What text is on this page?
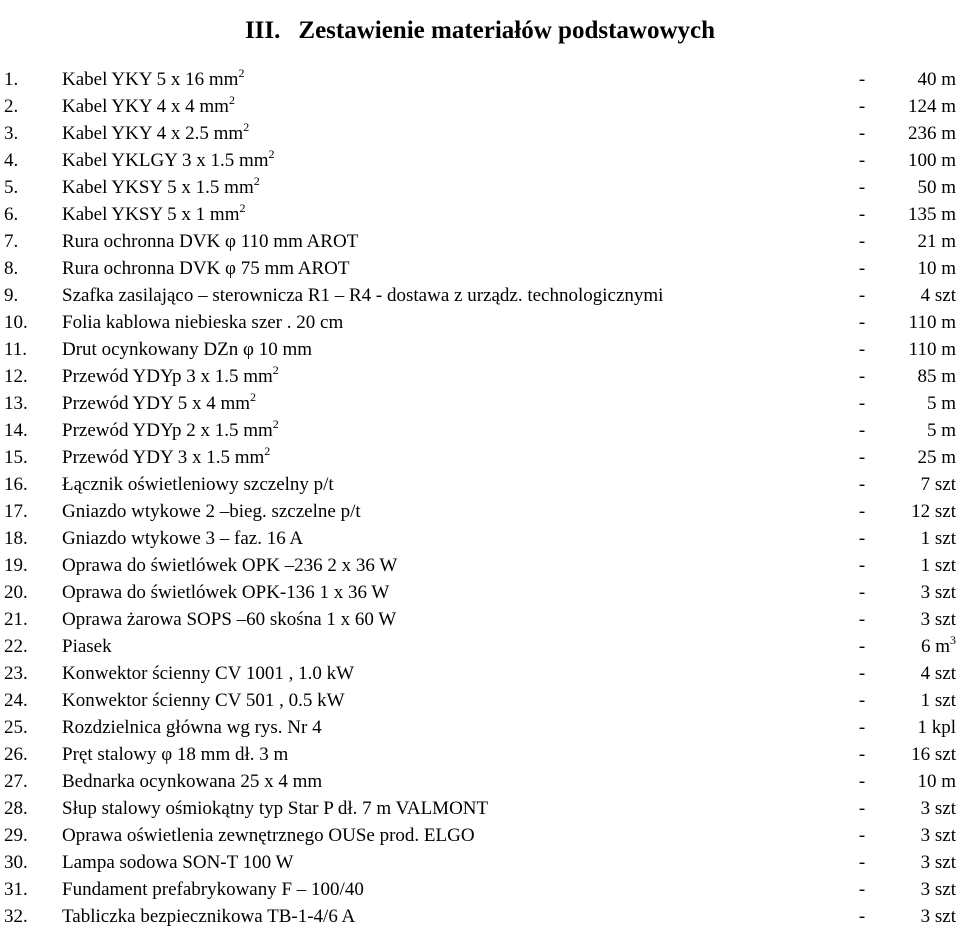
III. Zestawienie materiałów podstawowych
1. Kabel YKY 5 x 16 $mm^2$	-	40 m
2. Kabel YKY 4 x 4 $mm^2$	- 124 m
3. Kabel YKY 4 x 2.5 $mm^2$	- 236 m
4. Kabel YKLGY 3 x 1.5 $mm^2$	- 100 m
5. Kabel YKSY 5 x 1.5 $mm^2$	-	50 m
6. Kabel YKSY 5 x 1 $mm^2$	- 135 m
7. Rura ochronna DVK φ 110 mm AROT	-	21 m
8. Rura ochronna DVK φ 75 mm AROT	-	10 m
9. Szafka zasilająco – sterownicza R1 – R4 - dostawa z urządz. technologicznymi	-	4 szt
10. Folia kablowa niebieska szer . 20 cm	- 110 m
11. Drut ocynkowany DZn φ 10 mm	- 110 m
12. Przewód YDYp 3 x 1.5 $mm^2$	-	85 m
13. Przewód YDY 5 x 4 $mm^2$	-	5 m
14. Przewód YDYp 2 x 1.5 $mm^2$	-	5 m
15. Przewód YDY 3 x 1.5 $mm^2$	-	25 m
16. Łącznik oświetleniowy szczelny p/t	-	7 szt
17. Gniazdo wtykowe 2 –bieg. szczelne p/t	- 12 szt
18. Gniazdo wtykowe 3 – faz. 16 A	-	1 szt
19. Oprawa do świetlówek OPK –236 2 x 36 W	-	1 szt
20. Oprawa do świetlówek OPK-136 1 x 36 W	-	3 szt
21. Oprawa żarowa SOPS –60 skośna 1 x 60 W	-	3 szt
22. Piasek	-	6 $m^3$
23. Konwektor ścienny CV 1001 , 1.0 kW	-	4 szt
24. Konwektor ścienny CV 501 , 0.5 kW	-	1 szt
25. Rozdzielnica główna wg rys. Nr 4	-	1 kpl
26. Pręt stalowy φ 18 mm dł. 3 m	- 16 szt
27. Bednarka ocynkowana 25 x 4 mm	-	10 m
28. Słup stalowy ośmiokątny typ Star P dł. 7 m VALMONT	-	3 szt
29. Oprawa oświetlenia zewnętrznego OUSe prod. ELGO	-	3 szt
30. Lampa sodowa SON-T 100 W	-	3 szt
31. Fundament prefabrykowany F – 100/40	-	3 szt
32. Tabliczka bezpiecznikowa TB-1-4/6 A	-	3 szt
